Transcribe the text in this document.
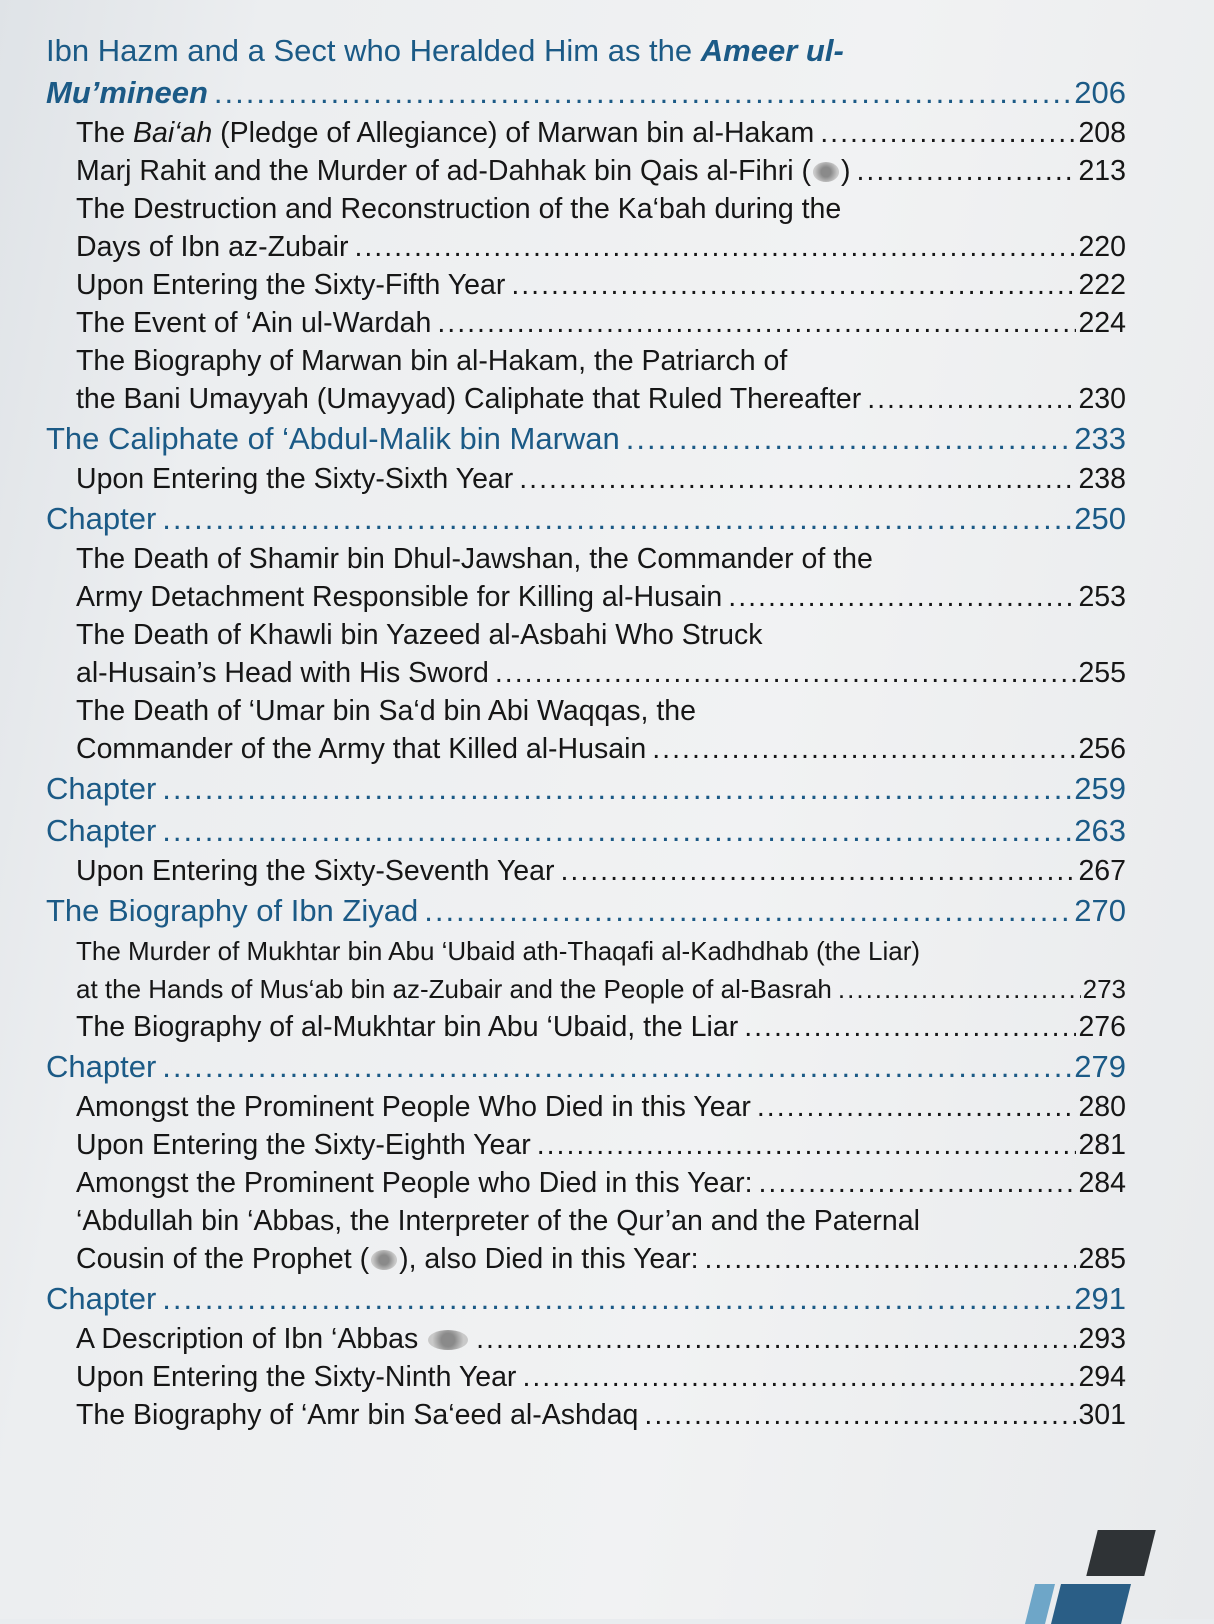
Ibn Hazm and a Sect who Heralded Him as the Ameer ul-
Mu’mineen .....	206
The Bai‘ah (Pledge of Allegiance) of Marwan bin al-Hakam .....	208
Marj Rahit and the Murder of ad-Dahhak bin Qais al-Fihri ( ) .....	213
The Destruction and Reconstruction of the Ka‘bah during the
Days of Ibn az-Zubair .....	220
Upon Entering the Sixty-Fifth Year .....	222
The Event of ‘Ain ul-Wardah .....	224
The Biography of Marwan bin al-Hakam, the Patriarch of
the Bani Umayyah (Umayyad) Caliphate that Ruled Thereafter .....	230
The Caliphate of ‘Abdul-Malik bin Marwan .....	233
Upon Entering the Sixty-Sixth Year .....	238
Chapter .....	250
The Death of Shamir bin Dhul-Jawshan, the Commander of the
Army Detachment Responsible for Killing al-Husain .....	253
The Death of Khawli bin Yazeed al-Asbahi Who Struck
al-Husain’s Head with His Sword .....	255
The Death of ‘Umar bin Sa‘d bin Abi Waqqas, the
Commander of the Army that Killed al-Husain .....	256
Chapter .....	259
Chapter .....	263
Upon Entering the Sixty-Seventh Year .....	267
The Biography of Ibn Ziyad .....	270
The Murder of Mukhtar bin Abu ‘Ubaid ath-Thaqafi al-Kadhdhab (the Liar)
at the Hands of Mus‘ab bin az-Zubair and the People of al-Basrah .....	273
The Biography of al-Mukhtar bin Abu ‘Ubaid, the Liar .....	276
Chapter .....	279
Amongst the Prominent People Who Died in this Year .....	280
Upon Entering the Sixty-Eighth Year .....	281
Amongst the Prominent People who Died in this Year: .....	284
‘Abdullah bin ‘Abbas, the Interpreter of the Qur’an and the Paternal
Cousin of the Prophet ( ), also Died in this Year: .....	285
Chapter .....	291
A Description of Ibn ‘Abbas .....	293
Upon Entering the Sixty-Ninth Year .....	294
The Biography of ‘Amr bin Sa‘eed al-Ashdaq .....	301
